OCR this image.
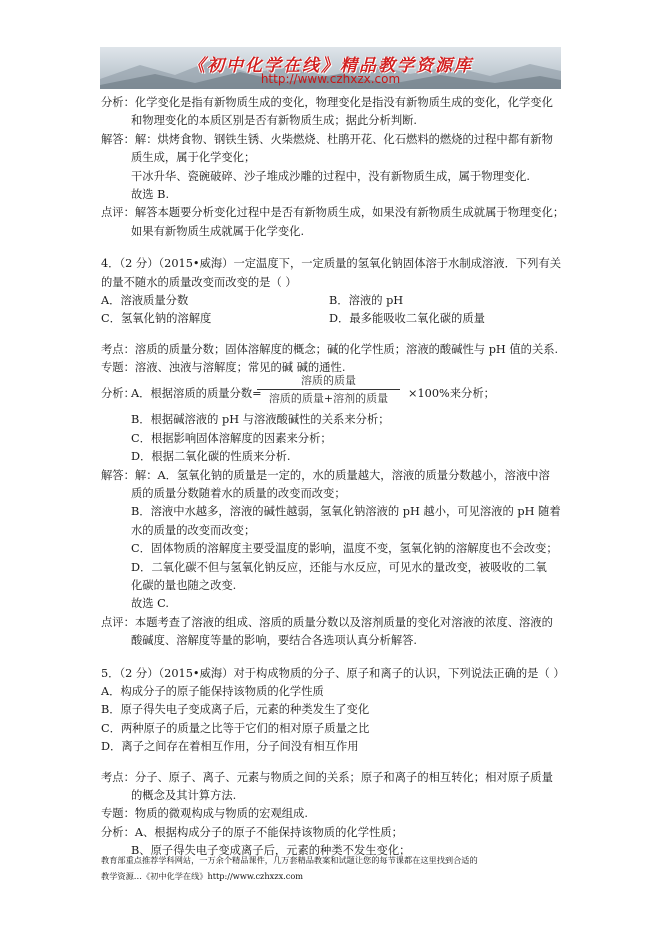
《初中化学在线》精品教学资源库
http://www.czhxzx.com
分析：化学变化是指有新物质生成的变化，物理变化是指没有新物质生成的变化，化学变化
和物理变化的本质区别是否有新物质生成；据此分析判断.
解答：解：烘烤食物、钢铁生锈、火柴燃烧、杜鹃开花、化石燃料的燃烧的过程中都有新物
质生成，属于化学变化；
干冰升华、瓷碗破碎、沙子堆成沙雕的过程中，没有新物质生成，属于物理变化.
故选 B.
点评：解答本题要分析变化过程中是否有新物质生成，如果没有新物质生成就属于物理变化；
如果有新物质生成就属于化学变化.
4．（2 分）（2015•威海）一定温度下，一定质量的氢氧化钠固体溶于水制成溶液．下列有关
的量不随水的质量改变而改变的是（ ）
A．溶液质量分数	B．溶液的 pH
C．氢氧化钠的溶解度	D．最多能吸收二氧化碳的质量
考点：溶质的质量分数；固体溶解度的概念；碱的化学性质；溶液的酸碱性与 pH 值的关系.
专题：溶液、浊液与溶解度；常见的碱 碱的通性.
分析：
A．根据溶质的质量分数=
溶质的质量
溶质的质量+溶剂的质量	×100%来分析；
B．根据碱溶液的 pH 与溶液酸碱性的关系来分析；
C．根据影响固体溶解度的因素来分析；
D．根据二氧化碳的性质来分析.
解答：解：A．氢氧化钠的质量是一定的，水的质量越大，溶液的质量分数越小，溶液中溶
质的质量分数随着水的质量的改变而改变；
B．溶液中水越多，溶液的碱性越弱，氢氧化钠溶液的 pH 越小，可见溶液的 pH 随着
水的质量的改变而改变；
C．固体物质的溶解度主要受温度的影响，温度不变，氢氧化钠的溶解度也不会改变；
D．二氧化碳不但与氢氧化钠反应，还能与水反应，可见水的量改变，被吸收的二氧
化碳的量也随之改变.
故选 C.
点评：本题考查了溶液的组成、溶质的质量分数以及溶剂质量的变化对溶液的浓度、溶液的
酸碱度、溶解度等量的影响，要结合各选项认真分析解答.
5．（2 分）（2015•威海）对于构成物质的分子、原子和离子的认识，下列说法正确的是（ ）
A．构成分子的原子能保持该物质的化学性质
B．原子得失电子变成离子后，元素的种类发生了变化
C．两种原子的质量之比等于它们的相对原子质量之比
D．离子之间存在着相互作用，分子间没有相互作用
考点：分子、原子、离子、元素与物质之间的关系；原子和离子的相互转化；相对原子质量
的概念及其计算方法.
专题：物质的微观构成与物质的宏观组成.
分析：A、根据构成分子的原子不能保持该物质的化学性质；
B、原子得失电子变成离子后，元素的种类不发生变化；
教育部重点推荐学科网站，一万余个精品课件，几万套精品教案和试题让您的每节课都在这里找到合适的
教学资源…《初中化学在线》http://www.czhxzx.com
